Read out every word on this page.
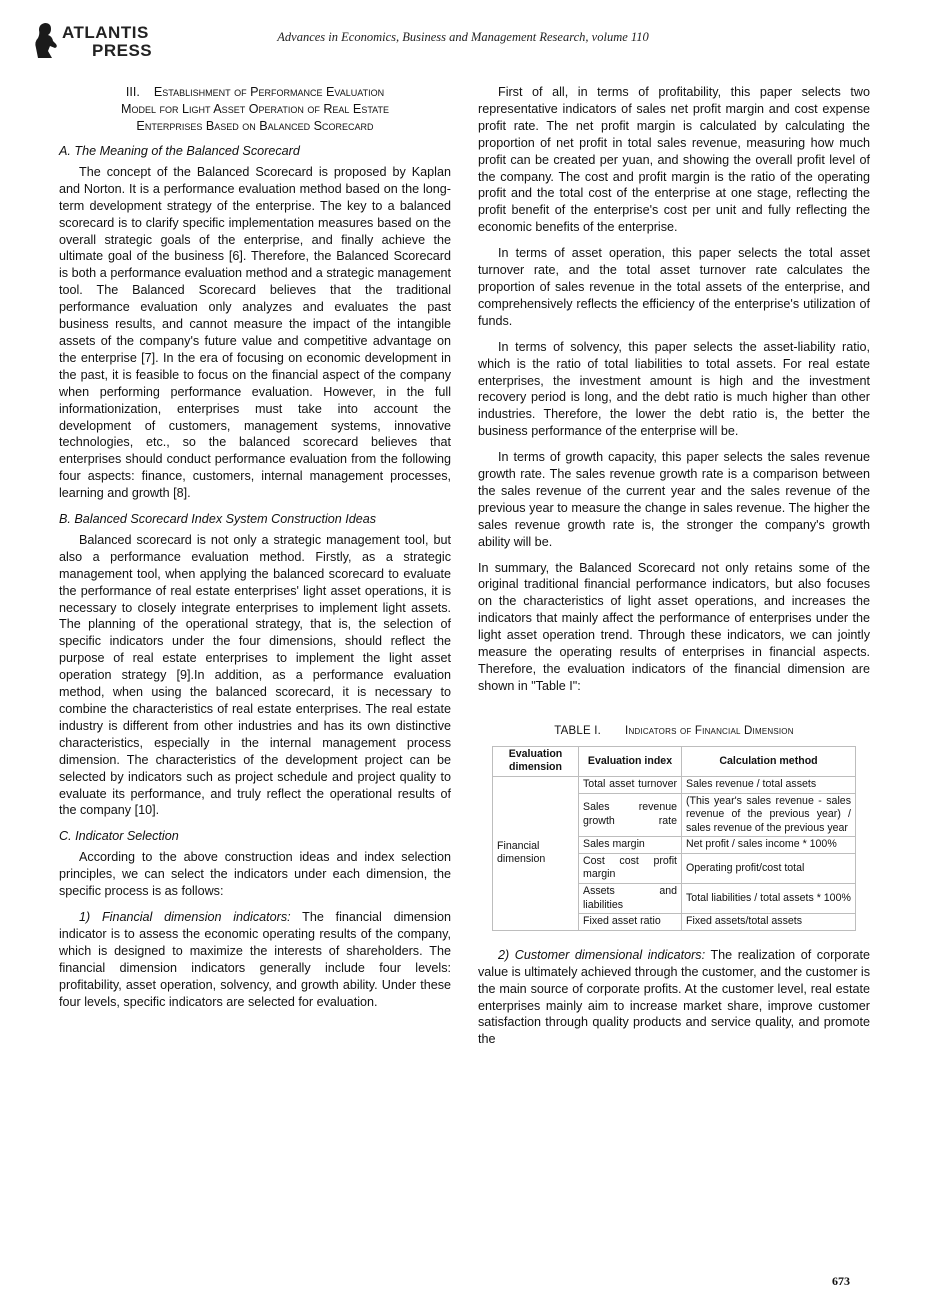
ATLANTIS
PRESS
Advances in Economics, Business and Management Research, volume 110
III. Establishment of Performance Evaluation
Model for Light Asset Operation of Real Estate
Enterprises Based on Balanced Scorecard
A. The Meaning of the Balanced Scorecard

The concept of the Balanced Scorecard is proposed by Kaplan and Norton. It is a performance evaluation method based on the long-term development strategy of the enterprise. The key to a balanced scorecard is to clarify specific implementation measures based on the overall strategic goals of the enterprise, and finally achieve the ultimate goal of the business [6]. Therefore, the Balanced Scorecard is both a performance evaluation method and a strategic management tool. The Balanced Scorecard believes that the traditional performance evaluation only analyzes and evaluates the past business results, and cannot measure the impact of the intangible assets of the company's future value and competitive advantage on the enterprise [7]. In the era of focusing on economic development in the past, it is feasible to focus on the financial aspect of the company when performing performance evaluation. However, in the full informationization, enterprises must take into account the development of customers, management systems, innovative technologies, etc., so the balanced scorecard believes that enterprises should conduct performance evaluation from the following four aspects: finance, customers, internal management processes, learning and growth [8].

B. Balanced Scorecard Index System Construction Ideas

Balanced scorecard is not only a strategic management tool, but also a performance evaluation method. Firstly, as a strategic management tool, when applying the balanced scorecard to evaluate the performance of real estate enterprises' light asset operations, it is necessary to closely integrate enterprises to implement light assets. The planning of the operational strategy, that is, the selection of specific indicators under the four dimensions, should reflect the purpose of real estate enterprises to implement the light asset operation strategy [9].In addition, as a performance evaluation method, when using the balanced scorecard, it is necessary to combine the characteristics of real estate enterprises. The real estate industry is different from other industries and has its own distinctive characteristics, especially in the internal management process dimension. The characteristics of the development project can be selected by indicators such as project schedule and project quality to evaluate its performance, and truly reflect the operational results of the company [10].

C. Indicator Selection

According to the above construction ideas and index selection principles, we can select the indicators under each dimension, the specific process is as follows:

1) Financial dimension indicators: The financial dimension indicator is to assess the economic operating results of the company, which is designed to maximize the interests of shareholders. The financial dimension indicators generally include four levels: profitability, asset operation, solvency, and growth ability. Under these four levels, specific indicators are selected for evaluation.

First of all, in terms of profitability, this paper selects two representative indicators of sales net profit margin and cost expense profit rate. The net profit margin is calculated by calculating the proportion of net profit in total sales revenue, measuring how much profit can be created per yuan, and showing the overall profit level of the company. The cost and profit margin is the ratio of the operating profit and the total cost of the enterprise at one stage, reflecting the profit benefit of the enterprise's cost per unit and fully reflecting the economic benefits of the enterprise.

In terms of asset operation, this paper selects the total asset turnover rate, and the total asset turnover rate calculates the proportion of sales revenue in the total assets of the enterprise, and comprehensively reflects the efficiency of the enterprise's utilization of funds.

In terms of solvency, this paper selects the asset-liability ratio, which is the ratio of total liabilities to total assets. For real estate enterprises, the investment amount is high and the investment recovery period is long, and the debt ratio is much higher than other industries. Therefore, the lower the debt ratio is, the better the business performance of the enterprise will be.

In terms of growth capacity, this paper selects the sales revenue growth rate. The sales revenue growth rate is a comparison between the sales revenue of the current year and the sales revenue of the previous year to measure the change in sales revenue. The higher the sales revenue growth rate is, the stronger the company's growth ability will be.

In summary, the Balanced Scorecard not only retains some of the original traditional financial performance indicators, but also focuses on the characteristics of light asset operations, and increases the indicators that mainly affect the performance of enterprises under the light asset operation trend. Through these indicators, we can jointly measure the operating results of enterprises in financial aspects. Therefore, the evaluation indicators of the financial dimension are shown in "Table I":

TABLE I. Indicators of Financial Dimension
Evaluation dimension	Evaluation index	Calculation method
Financial dimension	Total asset turnover	Sales revenue / total assets
	Sales revenue growth rate	(This year's sales revenue - sales revenue of the previous year) / sales revenue of the previous year
	Sales margin	Net profit / sales income * 100%
	Cost cost profit margin	Operating profit/cost total
	Assets and liabilities	Total liabilities / total assets * 100%
	Fixed asset ratio	Fixed assets/total assets

2) Customer dimensional indicators: The realization of corporate value is ultimately achieved through the customer, and the customer is the main source of corporate profits. At the customer level, real estate enterprises mainly aim to increase market share, improve customer satisfaction through quality products and service quality, and promote the

673
